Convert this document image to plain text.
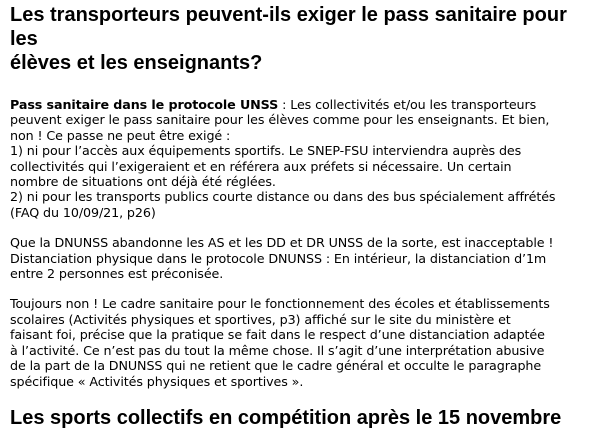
Les transporteurs peuvent-ils exiger le pass sanitaire pour les
élèves et les enseignants?

Pass sanitaire dans le protocole UNSS : Les collectivités et/ou les transporteurs

peuvent exiger le pass sanitaire pour les élèves comme pour les enseignants. Et bien,

non ! Ce passe ne peut être exigé :

1) ni pour l’accès aux équipements sportifs. Le SNEP-FSU interviendra auprès des

collectivités qui l’exigeraient et en référera aux préfets si nécessaire. Un certain

nombre de situations ont déjà été réglées.

2) ni pour les transports publics courte distance ou dans des bus spécialement affrétés

(FAQ du 10/09/21, p26)

Que la DNUNSS abandonne les AS et les DD et DR UNSS de la sorte, est inacceptable !

Distanciation physique dans le protocole DNUNSS : En intérieur, la distanciation d’1m

entre 2 personnes est préconisée.

Toujours non ! Le cadre sanitaire pour le fonctionnement des écoles et établissements

scolaires (Activités physiques et sportives, p3) affiché sur le site du ministère et

faisant foi, précise que la pratique se fait dans le respect d’une distanciation adaptée

à l’activité. Ce n’est pas du tout la même chose. Il s’agit d’une interprétation abusive

de la part de la DNUNSS qui ne retient que le cadre général et occulte le paragraphe

spécifique « Activités physiques et sportives ».

Les sports collectifs en compétition après le 15 novembre
